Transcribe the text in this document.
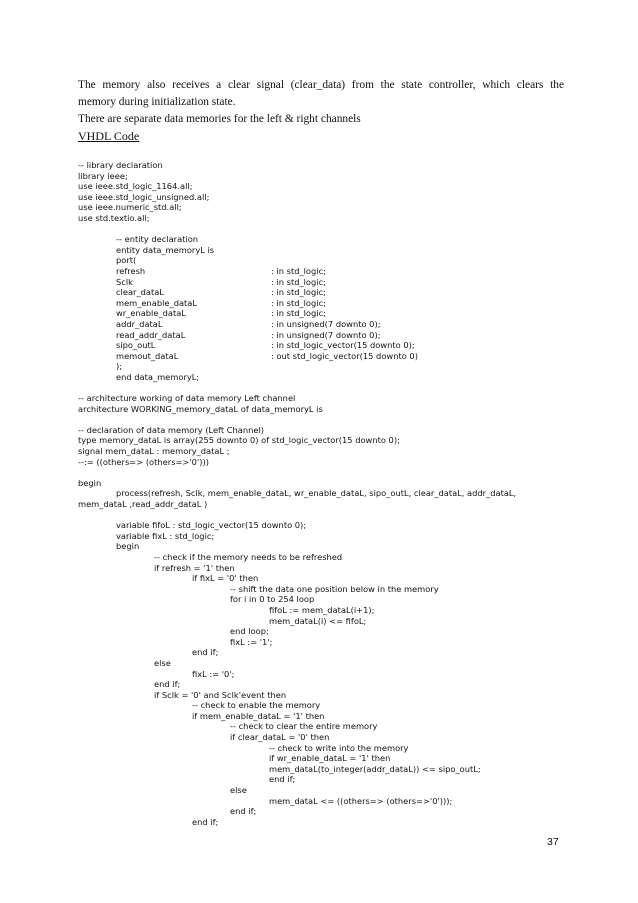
The memory also receives a clear signal (clear_data) from the state controller, which clears the
memory during initialization state.
There are separate data memories for the left & right channels
VHDL Code
-- library declaration
library ieee;
use ieee.std_logic_1164.all;
use ieee.std_logic_unsigned.all;
use ieee.numeric_std.all;
use std.textio.all;
-- entity declaration
entity data_memoryL is
port(
refresh	: in std_logic;
Sclk	: in std_logic;
clear_dataL	: in std_logic;
mem_enable_dataL	: in std_logic;
wr_enable_dataL	: in std_logic;
addr_dataL	: in unsigned(7 downto 0);
read_addr_dataL	: in unsigned(7 downto 0);
sipo_outL	: in std_logic_vector(15 downto 0);
memout_dataL	: out std_logic_vector(15 downto 0)
);
end data_memoryL;
-- architecture working of data memory Left channel
architecture WORKING_memory_dataL of data_memoryL is
-- declaration of data memory (Left Channel)
type memory_dataL is array(255 downto 0) of std_logic_vector(15 downto 0);
signal mem_dataL : memory_dataL ;
--:= ((others=> (others=>'0')))
begin
process(refresh, Sclk, mem_enable_dataL, wr_enable_dataL, sipo_outL, clear_dataL, addr_dataL,
mem_dataL ,read_addr_dataL )
variable fifoL : std_logic_vector(15 downto 0);
variable fixL : std_logic;
begin
-- check if the memory needs to be refreshed
if refresh = '1' then
if fixL = '0' then
-- shift the data one position below in the memory
for i in 0 to 254 loop
fifoL := mem_dataL(i+1);
mem_dataL(i) <= fifoL;
end loop;
fixL := '1';
end if;
else
fixL := '0';
end if;
if Sclk = '0' and Sclk'event then
-- check to enable the memory
if mem_enable_dataL = '1' then
-- check to clear the entire memory
if clear_dataL = '0' then
-- check to write into the memory
if wr_enable_dataL = '1' then
mem_dataL(to_integer(addr_dataL)) <= sipo_outL;
end if;
else
mem_dataL <= ((others=> (others=>'0')));
end if;
end if;
37
